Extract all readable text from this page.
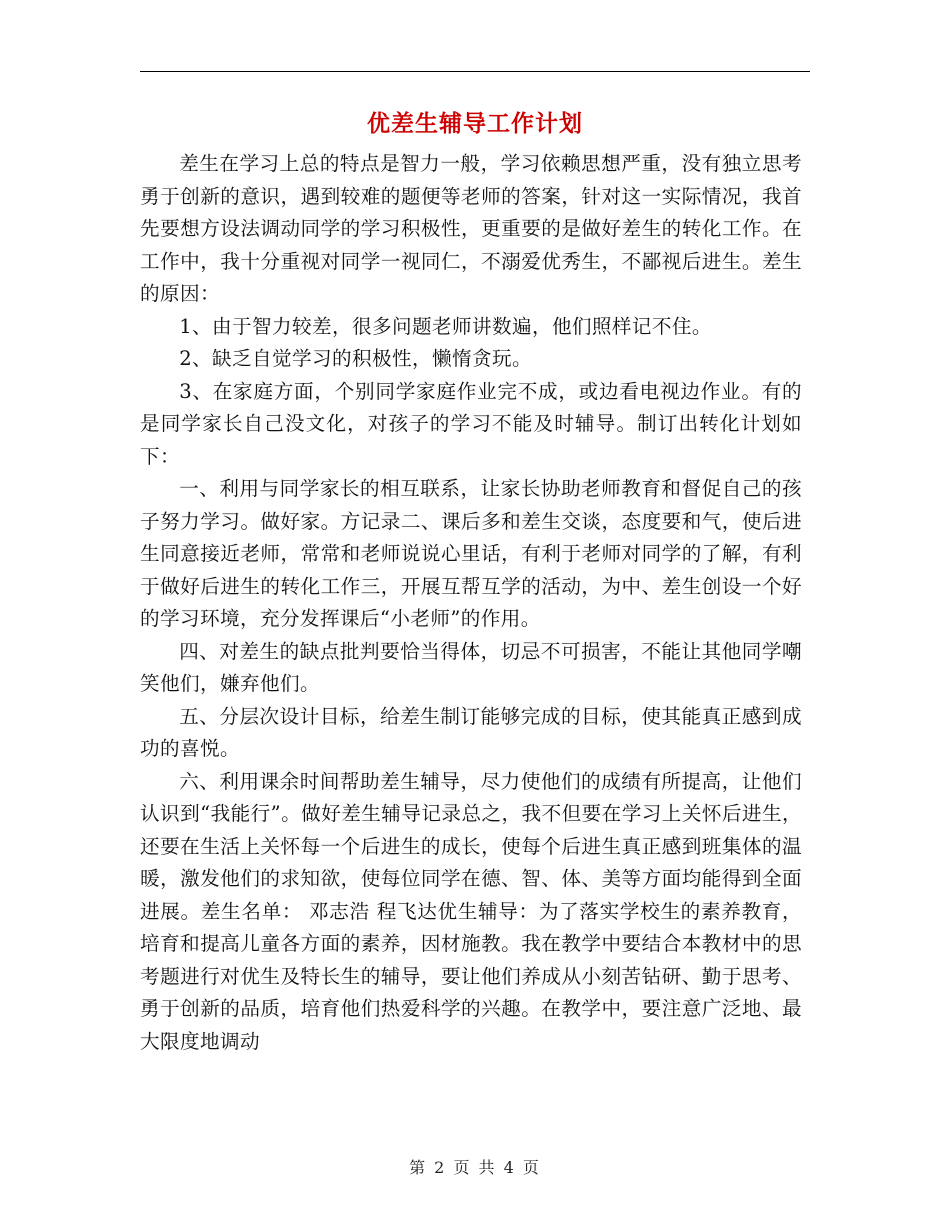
优差生辅导工作计划

差生在学习上总的特点是智力一般，学习依赖思想严重，没有独立思考勇于创新的意识，遇到较难的题便等老师的答案，针对这一实际情况，我首先要想方设法调动同学的学习积极性，更重要的是做好差生的转化工作。在工作中，我十分重视对同学一视同仁，不溺爱优秀生，不鄙视后进生。差生的原因：

1、由于智力较差，很多问题老师讲数遍，他们照样记不住。

2、缺乏自觉学习的积极性，懒惰贪玩。

3、在家庭方面，个别同学家庭作业完不成，或边看电视边作业。有的是同学家长自己没文化，对孩子的学习不能及时辅导。制订出转化计划如下：

一、利用与同学家长的相互联系，让家长协助老师教育和督促自己的孩子努力学习。做好家。方记录二、课后多和差生交谈，态度要和气，使后进生同意接近老师，常常和老师说说心里话，有利于老师对同学的了解，有利于做好后进生的转化工作三，开展互帮互学的活动，为中、差生创设一个好的学习环境，充分发挥课后“小老师”的作用。

四、对差生的缺点批判要恰当得体，切忌不可损害，不能让其他同学嘲笑他们，嫌弃他们。

五、分层次设计目标，给差生制订能够完成的目标，使其能真正感到成功的喜悦。

六、利用课余时间帮助差生辅导，尽力使他们的成绩有所提高，让他们认识到“我能行”。做好差生辅导记录总之，我不但要在学习上关怀后进生，还要在生活上关怀每一个后进生的成长，使每个后进生真正感到班集体的温暖，激发他们的求知欲，使每位同学在德、智、体、美等方面均能得到全面进展。差生名单： 邓志浩 程飞达优生辅导：为了落实学校生的素养教育，培育和提高儿童各方面的素养，因材施教。我在教学中要结合本教材中的思考题进行对优生及特长生的辅导，要让他们养成从小刻苦钻研、勤于思考、勇于创新的品质，培育他们热爱科学的兴趣。在教学中，要注意广泛地、最大限度地调动

第 2 页 共 4 页
